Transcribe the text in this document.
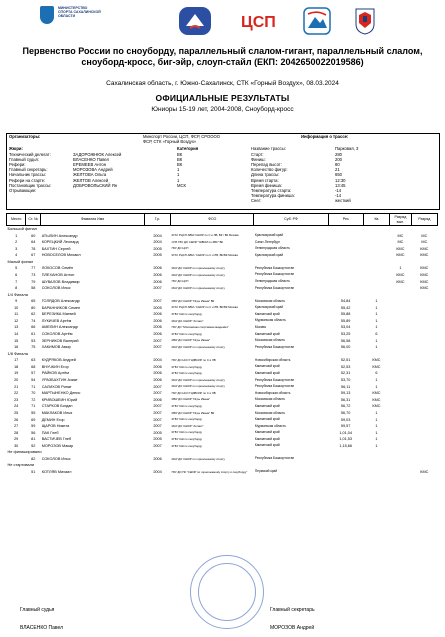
МИНИСТЕРСТВО СПОРТА САХАЛИНСКОЙ ОБЛАСТИ	ЦСП
Первенство России по сноуборду, параллельный слалом-гигант, параллельный слалом, сноуборд-кросс, биг-эйр, слоуп-стайл (ЕКП: 2042650022019586)
Сахалинская область, г. Южно-Сахалинск, СТК «Горный Воздух», 08.03.2024
ОФИЦИАЛЬНЫЕ РЕЗУЛЬТАТЫ
Юниоры 15-19 лет, 2004-2008, Сноуборд-кросс
Организаторы:	Минспорт России, ЦСП, ФСР, СРОООО ФСР, СТК «Горный Воздух»		Информация о трассе:
Жюри:		Категория	Название трассы:	Парковая, 3
Технический делегат:	ЗАДОРОЖНЮК Алексей	ВК	Старт:	280
Главный судья:	ВЛАСЕНКО Павел	ВК	Финиш:	200
Рефери:	ЕРЕМЕЕВ Антон	ВК	Перепад высот:	80
Главный секретарь:	МОРОЗОВА Андрей	1	Количество фигур:	21
Начальник трассы:	ЖЕЛТОВА Ольга	1	Длина трассы:	650
Рефери на старте:	ЖЕЛТОВ Алексей	1	Время старта:	12:30
Постановщик трассы:	ДОБРОВОЛЬСКИЙ Ян	МСК	Время финиша:	13:45
Отрывающие:			Температура старта:	-14
			Температура финиша:	-14
			Снег:	жесткий
Место	Ст. №	Фамилия Имя	Г.р.	ФСО	Суб. РФ	Рез	Кв	Разряд вып.	Разряд
Большой финал									
1	60	АТЫЛИН Александр	2004	КГАУ РЦСП АВМ/ СШОР по С и ЛВ, ВК / ВК Москва	Красноярский край			МС	МС
2	64	КОРЕЦКИЙ Леонард	2004	СПб ГБУ ДО СШОР "ШВСМ по ЗВС" ВК	Санкт-Петербург			МС	МС
3	78	БАХТИН Сергей	2005	ГБУ ДО ЦСП	Ленинградская область			КМС	КМС
4	67	НОВОСЕЛОВ Михаил	2005	КГАУ РЦСП АВМ / СШОР по С и ЛВ, ВК/ВК Москва	Красноярский край			КМС	КМС
Малый финал									
5	77	ЛОКОСОВ Семён	2006	МАУ ДО СШОР по горнолыжному спорту	Республика Башкортостан			1	КМС
6	73	ПЛЕХАНОВ Антон	2006	МАУ ДО СШОР по горнолыжному спорту	Республика Башкортостан			КМС	КМС
7	79	ШУВАЛОВ Владимир	2006	ГБУ ДО ЦСП	Ленинградская область			КМС	КМС
8	58	СОКОЛОВ Илья	2007	МАУ ДО СШОР по горнолыжному спорту	Республика Башкортостан				КМС
1/4 Финала									
9	65	ГОЛЯДОВ Александр	2007	МБУ ДО СШОР "Игры Ивана" ВК	Московская область	54,84	1		
10	80	БАРАННИКОВ Семен	2005	КГАУ РЦСП АВМ / СШОР по С и ЛВ, ВК/ВК Москва	Красноярский край	55,42	1		
11	62	БЕРЕЗИКА Матвей	2006	КГБУ СШ по сноуборду	Камчатский край	55,88	1		
12	74	ЛУКИЧЕВ Артём	2006	МАУ ДО СШОР "Аглаис"	Мурманская область	55,89	1		
13	66	АМЕЛИН Александр	2006	ГБУ ДО "Московская спортивная академия"	Москва	53,04	1		
14	61	СОКОЛОВ Артём	2006	КГБУ СШ по сноуборду	Камчатский край	53,25	6		
15	53	ЗЕРНИКОВ Валерий	2007	МБУ ДО СШОР "Игры Ивана"	Московская область	56,58	1		
16	75	ХАКИМОВ Амир	2007	МАУ ДО СШОР по горнолыжному спорту	Республика Башкортостан	56,00	1		
1/8 Финала									
17	63	КУДРЯКОВ Андрей	2004	ГБУ ДО НСО ГЦЗВСИР по С и ЛВ	Новосибирская область	52,51	КМС		
18	68	ВНУЧКИН Егор	2006	КГБУ СШ по сноуборду	Камчатский край	52,53	КМС		
19	57	РАЙКОВ Артём	2006	КГБУ СШ по сноуборду	Камчатский край	52,31	6		
20	54	УРАЗБАХТИН Азиат	2006	МАУ ДО СШОР по горнолыжному спорту	Республика Башкортостан	53,70	1		
21	71	САЛИХОВ Ринат	2007	МАУ ДО СШОР по горнолыжному спорту	Республика Башкортостан	56,11	1		
22	70	МАРТЫНЕНКО Денис	2007	ГБУ ДО НСО ГЦЗВСИР по С и ЛВ	Новосибирская область	59,13	КМС		
23	72	КРИВОШЕИН Юрий	2006	МБУ ДО СШОР "Игры Ивана"	Московская область	56,31	КМС		
24	71	СТАРКОВ Богдан	2007	КГБУ СШ по сноуборду	Камчатский край	56,72	КМС		
25	55	МАКЛАКОВ Илья	2007	МБУ ДО СШОР "Игры Ивана" ВК	Московская область	56,70	1		
26	69	ДЕМИН Егор	2007	КГБУ СШ по сноуборду	Камчатский край	59,03	1		
27	59	ЩАРОВ Никита	2007	МАУ ДО СШОР "Аглаис"	Мурманская область	59,57	1		
28	56	ПАК Глеб	2005	КГБУ СШ по сноуборду	Камчатский край	1,01,04	1		
29	81	ВАСТИЧЕВ Глеб	2005	КГБУ СШ по сноуборду	Камчатский край	1,01,53	1		
30	52	МОРОЗОВ Макар	2007	КГБУ СШ по сноуборду	Камчатский край	1,15,66	1		
Не финишировали									
	82	СОКОЛОВ Илья	2006	МАУ ДО СШОР по горнолыжному спорту	Республика Башкортостан				
Не стартовали									
	51	КОТЛЯВ Михаил	2004	ГБУ ДО ПК "СШОР по горнолыжному спорту и сноуборду"	Пермский край				КМС
Главный судья
ВЛАСЕНКО Павел
Главный секретарь
МОРОЗОВ Андрей
